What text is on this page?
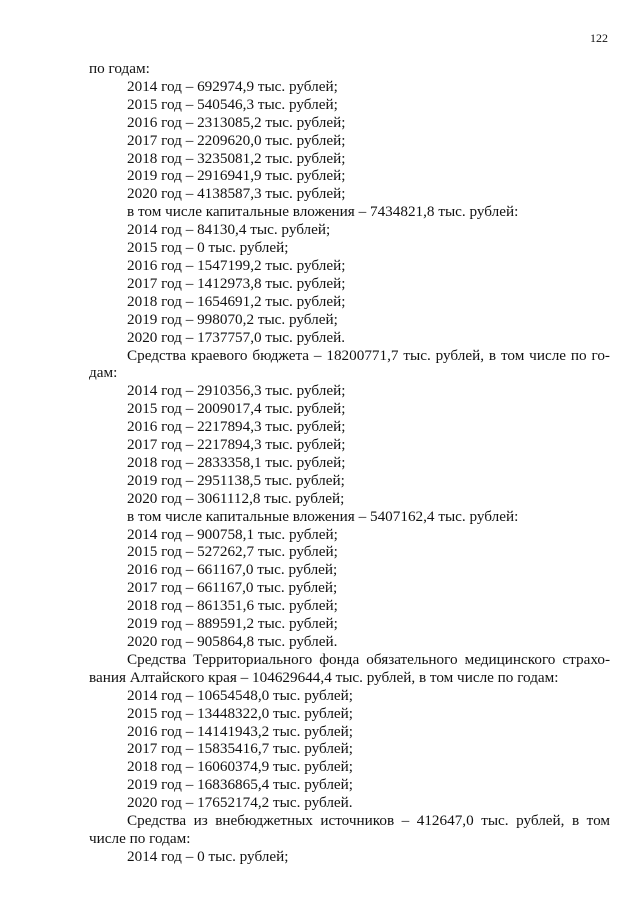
122
по годам:
2014 год – 692974,9 тыс. рублей;
2015 год – 540546,3 тыс. рублей;
2016 год – 2313085,2 тыс. рублей;
2017 год – 2209620,0 тыс. рублей;
2018 год – 3235081,2 тыс. рублей;
2019 год – 2916941,9 тыс. рублей;
2020 год – 4138587,3 тыс. рублей;
в том числе капитальные вложения – 7434821,8 тыс. рублей:
2014 год – 84130,4 тыс. рублей;
2015 год – 0 тыс. рублей;
2016 год – 1547199,2 тыс. рублей;
2017 год – 1412973,8 тыс. рублей;
2018 год – 1654691,2 тыс. рублей;
2019 год – 998070,2 тыс. рублей;
2020 год – 1737757,0 тыс. рублей.
Средства краевого бюджета – 18200771,7 тыс. рублей, в том числе по го-
дам:
2014 год – 2910356,3 тыс. рублей;
2015 год – 2009017,4 тыс. рублей;
2016 год – 2217894,3 тыс. рублей;
2017 год – 2217894,3 тыс. рублей;
2018 год – 2833358,1 тыс. рублей;
2019 год – 2951138,5 тыс. рублей;
2020 год – 3061112,8 тыс. рублей;
в том числе капитальные вложения – 5407162,4 тыс. рублей:
2014 год – 900758,1 тыс. рублей;
2015 год – 527262,7 тыс. рублей;
2016 год – 661167,0 тыс. рублей;
2017 год – 661167,0 тыс. рублей;
2018 год – 861351,6 тыс. рублей;
2019 год – 889591,2 тыс. рублей;
2020 год – 905864,8 тыс. рублей.
Средства Территориального фонда обязательного медицинского страхо-
вания Алтайского края – 104629644,4 тыс. рублей, в том числе по годам:
2014 год – 10654548,0 тыс. рублей;
2015 год – 13448322,0 тыс. рублей;
2016 год – 14141943,2 тыс. рублей;
2017 год – 15835416,7 тыс. рублей;
2018 год – 16060374,9 тыс. рублей;
2019 год – 16836865,4 тыс. рублей;
2020 год – 17652174,2 тыс. рублей.
Средства из внебюджетных источников – 412647,0 тыс. рублей, в том
числе по годам:
2014 год – 0 тыс. рублей;
